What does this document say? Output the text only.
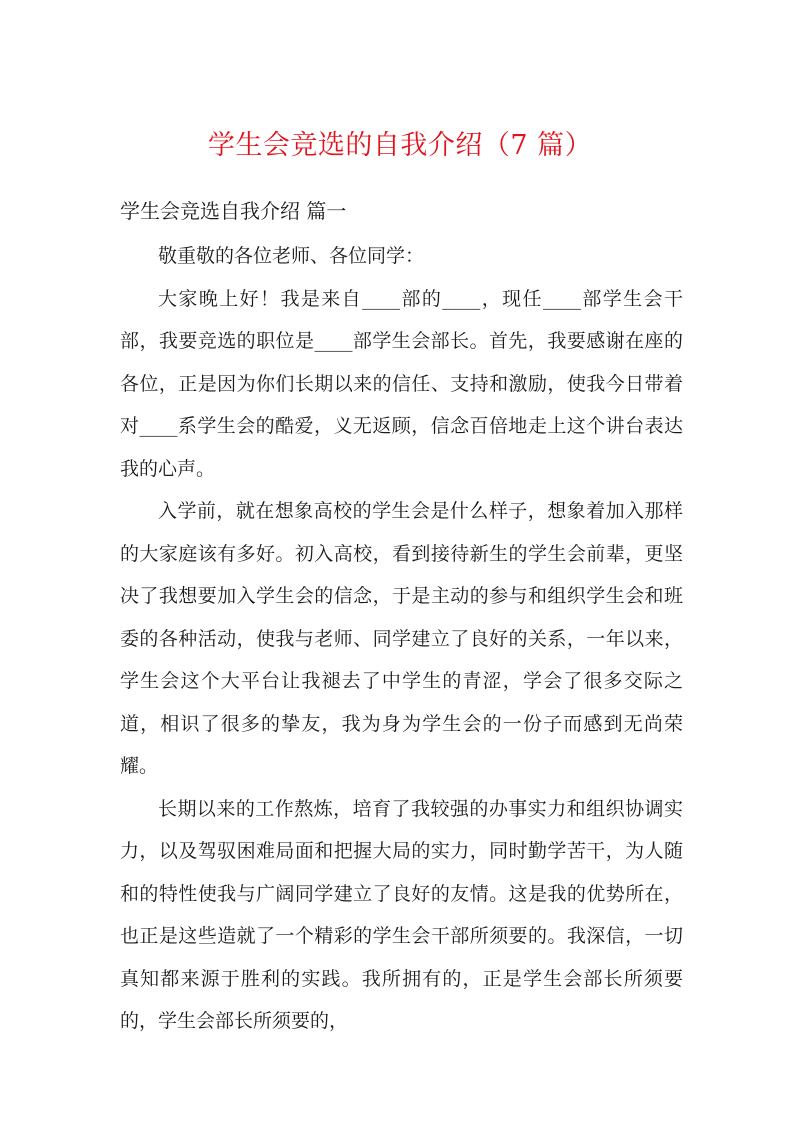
学生会竞选的自我介绍（7 篇）

学生会竞选自我介绍 篇一

敬重敬的各位老师、各位同学：

大家晚上好！我是来自____部的____，现任____部学生会干部，我要竞选的职位是____部学生会部长。首先，我要感谢在座的各位，正是因为你们长期以来的信任、支持和激励，使我今日带着对____系学生会的酷爱，义无返顾，信念百倍地走上这个讲台表达我的心声。

入学前，就在想象高校的学生会是什么样子，想象着加入那样的大家庭该有多好。初入高校，看到接待新生的学生会前辈，更坚决了我想要加入学生会的信念，于是主动的参与和组织学生会和班委的各种活动，使我与老师、同学建立了良好的关系，一年以来，学生会这个大平台让我褪去了中学生的青涩，学会了很多交际之道，相识了很多的挚友，我为身为学生会的一份子而感到无尚荣耀。

长期以来的工作熬炼，培育了我较强的办事实力和组织协调实力，以及驾驭困难局面和把握大局的实力，同时勤学苦干，为人随和的特性使我与广阔同学建立了良好的友情。这是我的优势所在，也正是这些造就了一个精彩的学生会干部所须要的。我深信，一切真知都来源于胜利的实践。我所拥有的，正是学生会部长所须要的，学生会部长所须要的，
